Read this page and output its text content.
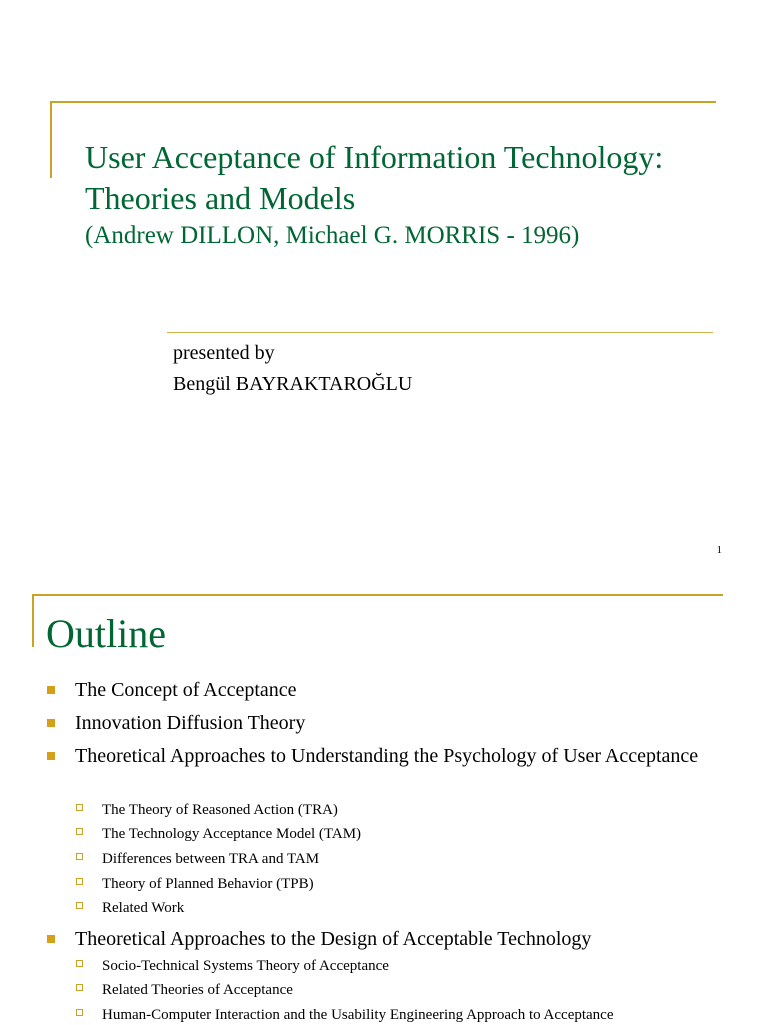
User Acceptance of Information Technology: Theories and Models

(Andrew DILLON, Michael G. MORRIS - 1996)

presented by
Bengül BAYRAKTAROĞLU
1
Outline
The Concept of Acceptance
Innovation Diffusion Theory
Theoretical Approaches to Understanding the Psychology of User Acceptance
The Theory of Reasoned Action (TRA)
The Technology Acceptance Model (TAM)
Differences between TRA and TAM
Theory of Planned Behavior (TPB)
Related Work
Theoretical Approaches to the Design of Acceptable Technology
Socio-Technical Systems Theory of Acceptance
Related Theories of Acceptance
Human-Computer Interaction and the Usability Engineering Approach to Acceptance
